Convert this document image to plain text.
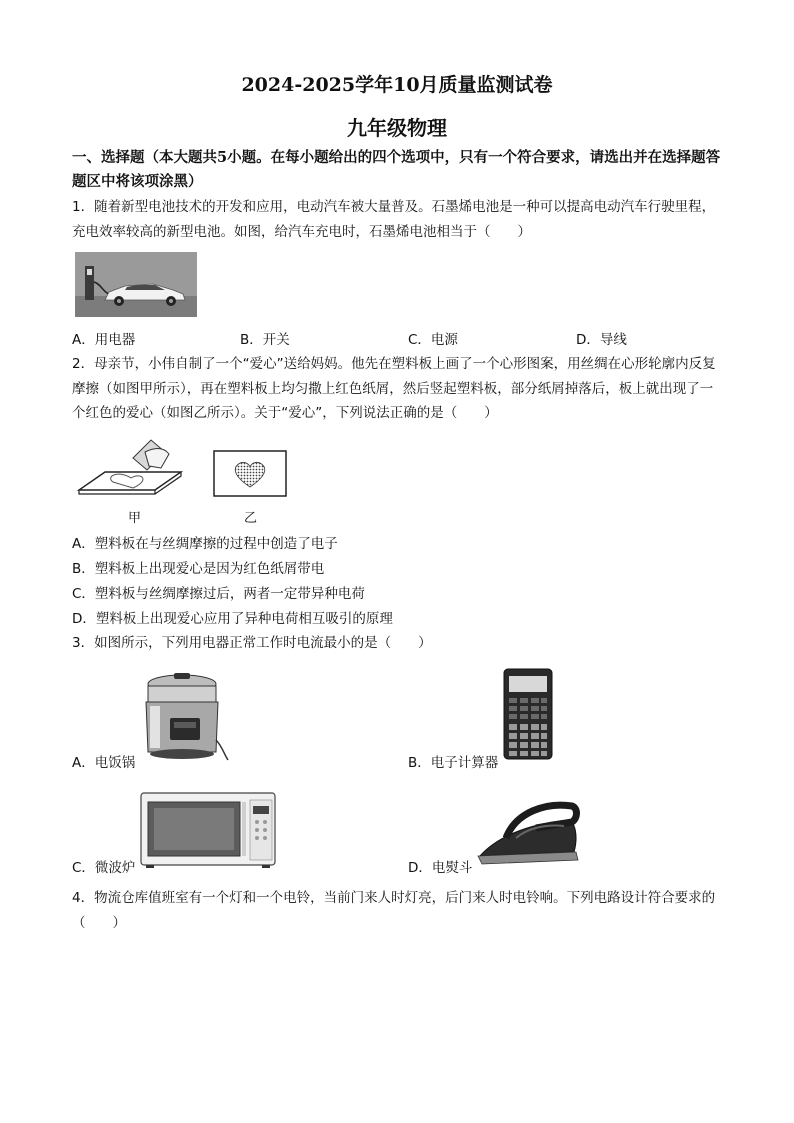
2024-2025学年10月质量监测试卷
九年级物理
一、选择题（本大题共5小题。在每小题给出的四个选项中，只有一个符合要求，请选出并在选择题答题区中将该项涂黑）
1．随着新型电池技术的开发和应用，电动汽车被大量普及。石墨烯电池是一种可以提高电动汽车行驶里程，充电效率较高的新型电池。如图，给汽车充电时，石墨烯电池相当于（　　）
A．用电器	B．开关	C．电源	D．导线
2．母亲节，小伟自制了一个“爱心”送给妈妈。他先在塑料板上画了一个心形图案，用丝绸在心形轮廓内反复摩擦（如图甲所示），再在塑料板上均匀撒上红色纸屑，然后竖起塑料板，部分纸屑掉落后，板上就出现了一个红色的爱心（如图乙所示）。关于“爱心”，下列说法正确的是（　　）
甲	乙
A．塑料板在与丝绸摩擦的过程中创造了电子
B．塑料板上出现爱心是因为红色纸屑带电
C．塑料板与丝绸摩擦过后，两者一定带异种电荷
D．塑料板上出现爱心应用了异种电荷相互吸引的原理
3．如图所示，下列用电器正常工作时电流最小的是（　　）
A．电饭锅	B．电子计算器
C．微波炉	D．电熨斗
4．物流仓库值班室有一个灯和一个电铃，当前门来人时灯亮，后门来人时电铃响。下列电路设计符合要求的（　　）
